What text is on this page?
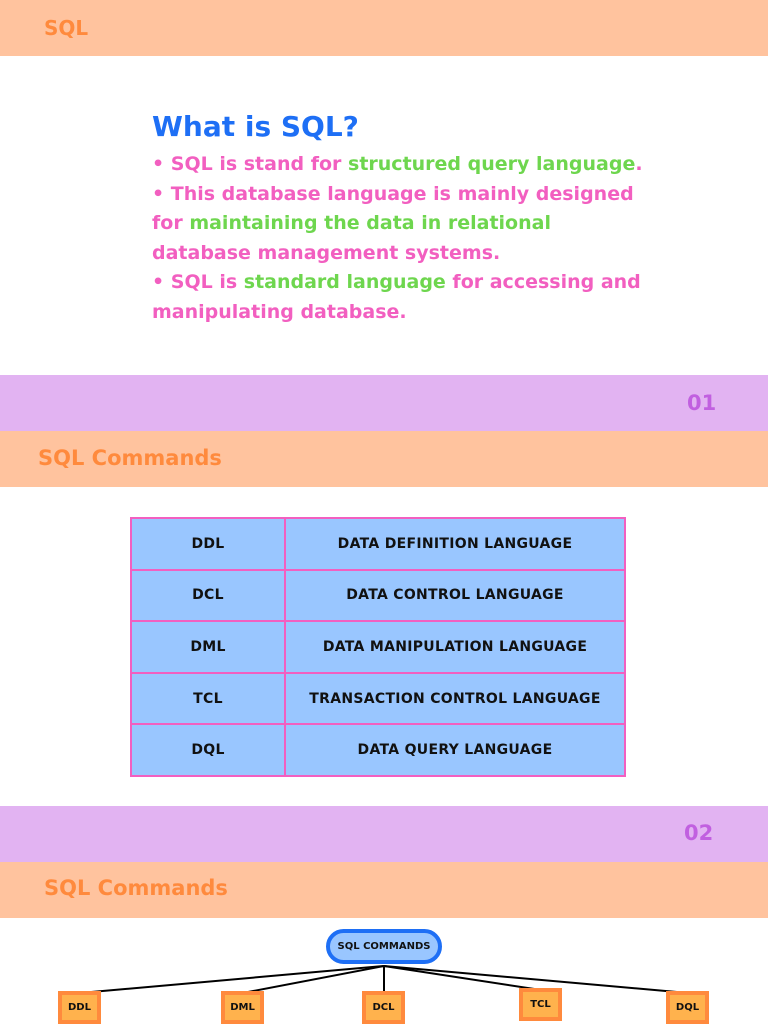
SQL
What is SQL?

• SQL is stand for structured query language.

• This database language is mainly designed

for maintaining the data in relational

database management systems.

• SQL is standard language for accessing and

manipulating database.

01
SQL Commands
DDL	DATA DEFINITION LANGUAGE
DCL	DATA CONTROL LANGUAGE
DML	DATA MANIPULATION LANGUAGE
TCL	TRANSACTION CONTROL LANGUAGE
DQL	DATA QUERY LANGUAGE
02
SQL Commands
SQL COMMANDS
DDL	DML	DCL	TCL	DQL
